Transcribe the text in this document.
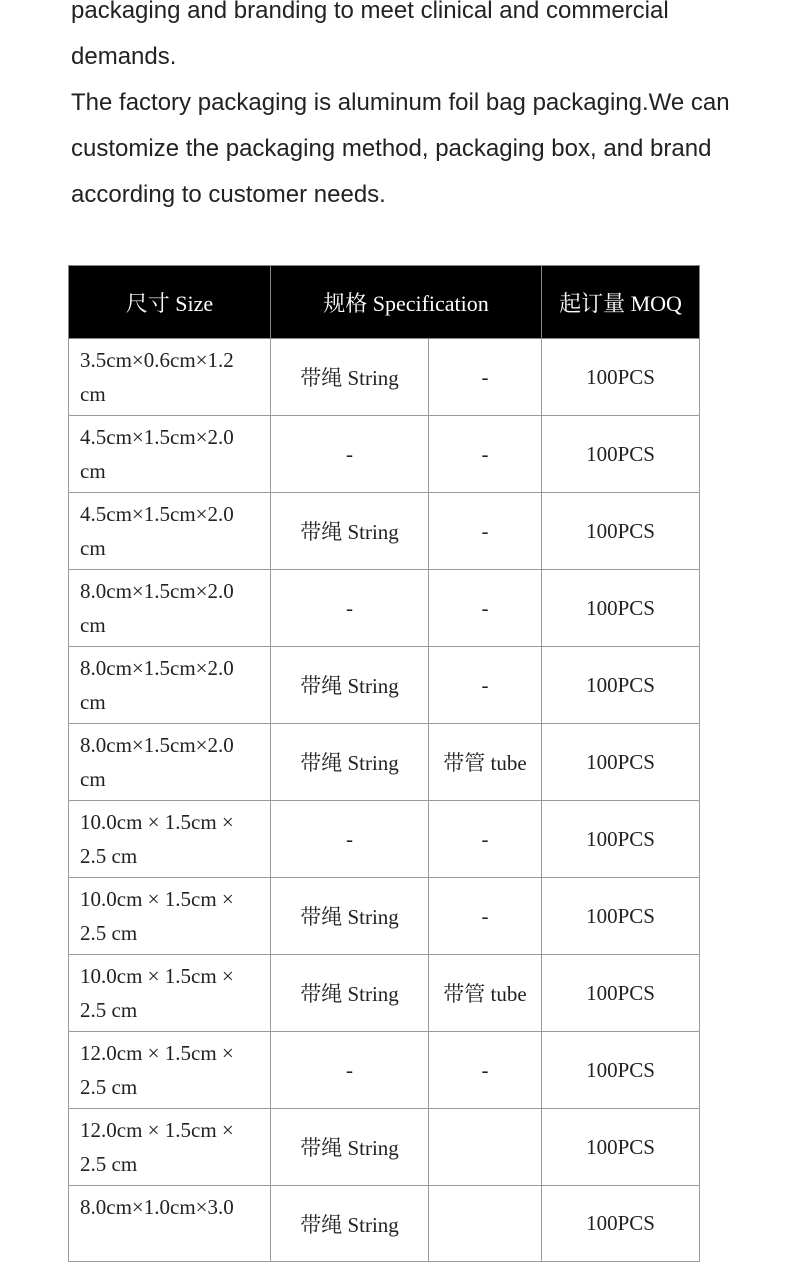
packaging and branding to meet clinical and commercial demands.

The factory packaging is aluminum foil bag packaging.We can customize the packaging method, packaging box, and brand according to customer needs.

尺寸 Size	规格 Specification		起订量 MOQ
3.5cm×0.6cm×1.2 cm	带绳 String	-	100PCS
4.5cm×1.5cm×2.0 cm	-	-	100PCS
4.5cm×1.5cm×2.0 cm	带绳 String	-	100PCS
8.0cm×1.5cm×2.0 cm	-	-	100PCS
8.0cm×1.5cm×2.0 cm	带绳 String	-	100PCS
8.0cm×1.5cm×2.0 cm	带绳 String	带管 tube	100PCS
10.0cm × 1.5cm × 2.5 cm	-	-	100PCS
10.0cm × 1.5cm × 2.5 cm	带绳 String	-	100PCS
10.0cm × 1.5cm × 2.5 cm	带绳 String	带管 tube	100PCS
12.0cm × 1.5cm × 2.5 cm	-	-	100PCS
12.0cm × 1.5cm × 2.5 cm	带绳 String		100PCS
8.0cm×1.0cm×3.0	带绳 String		100PCS
